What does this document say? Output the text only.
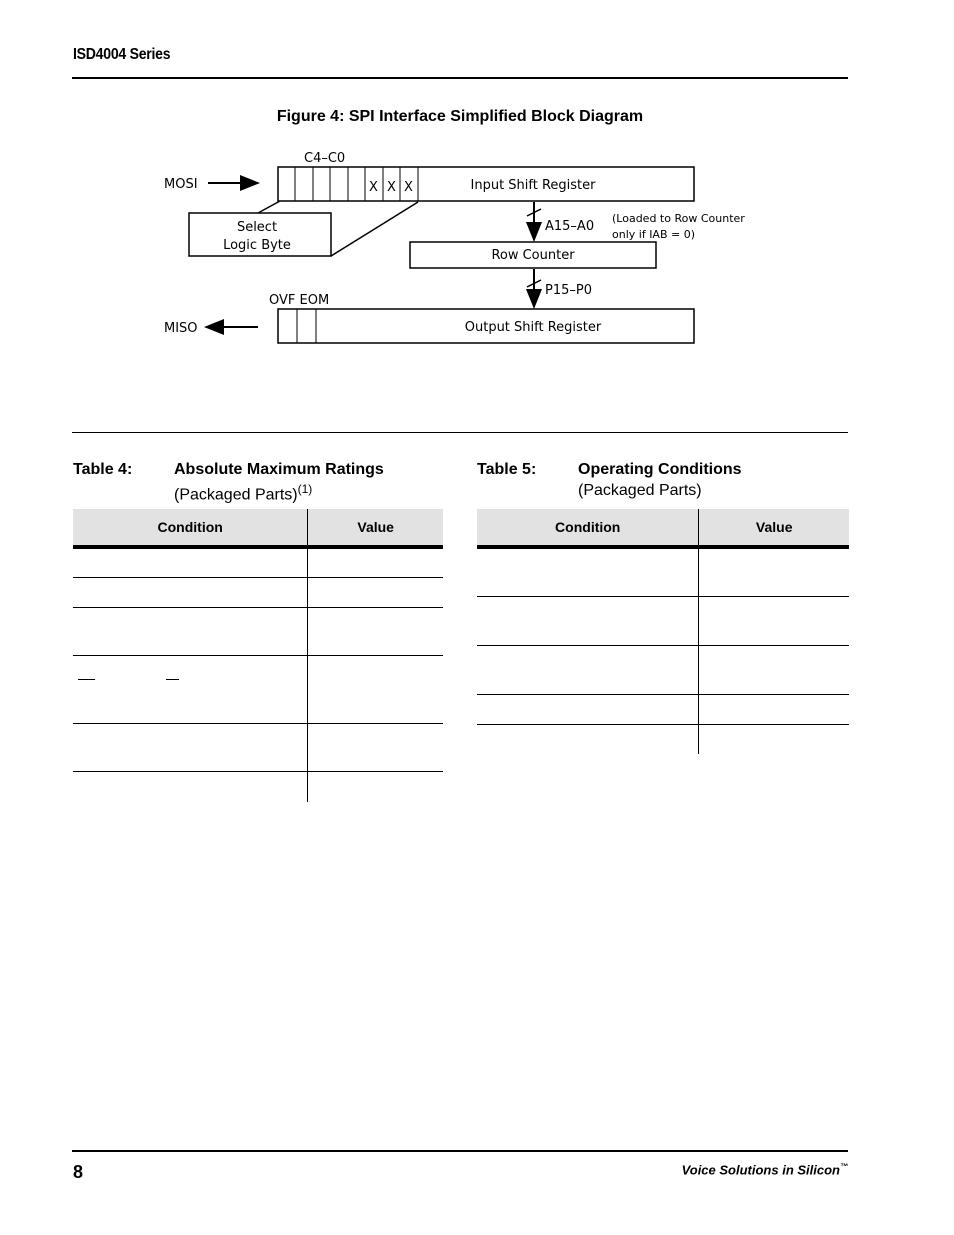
ISD4004 Series
Figure 4: SPI Interface Simplified Block Diagram
C4–C0
MOSI	X X X	Input Shift Register
Select
Logic Byte
A15–A0
(Loaded to Row Counter
only if IAB = 0)
Row Counter
P15–P0
OVF EOM
MISO	Output Shift Register
Table 4:	Absolute Maximum Ratings
(Packaged Parts)$^{(1)}$
Condition	Value

Table 5:	Operating Conditions
(Packaged Parts)
Condition	Value

8	Voice Solutions in Silicon™
